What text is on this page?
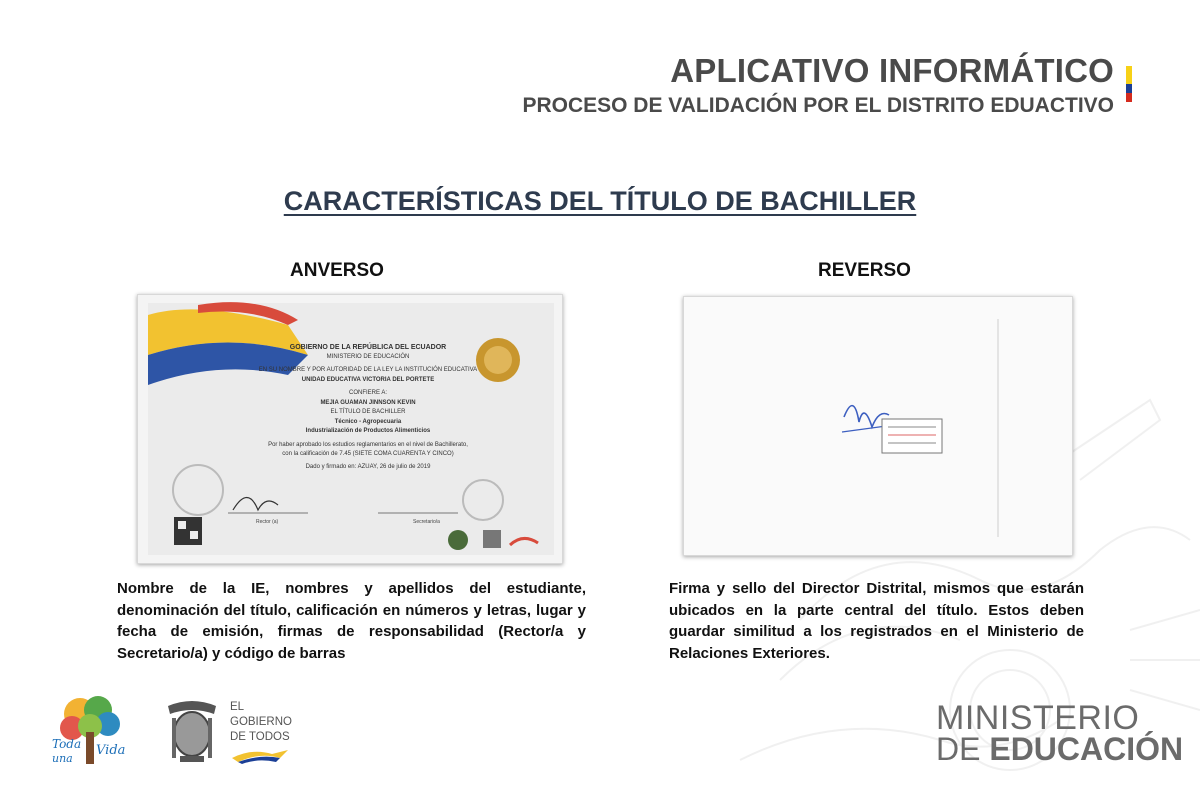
APLICATIVO INFORMÁTICO
PROCESO DE VALIDACIÓN POR EL DISTRITO EDUACTIVO
CARACTERÍSTICAS DEL TÍTULO DE BACHILLER
ANVERSO	REVERSO
GOBIERNO DE LA REPÚBLICA DEL ECUADOR
MINISTERIO DE EDUCACIÓN
EN SU NOMBRE Y POR AUTORIDAD DE LA LEY LA INSTITUCIÓN EDUCATIVA
UNIDAD EDUCATIVA VICTORIA DEL PORTETE
CONFIERE A:
MEJIA GUAMAN JINNSON KEVIN
EL TÍTULO DE BACHILLER
Técnico - Agropecuaria
Industrialización de Productos Alimenticios
Por haber aprobado los estudios reglamentarios en el nivel de Bachillerato,
con la calificación de 7.45 (SIETE COMA CUARENTA Y CINCO)
Dado y firmado en: AZUAY, 26 de julio de 2019
Rector (a)	Secretario/a
Nombre de la IE, nombres y apellidos del estudiante, denominación del título, calificación en números y letras, lugar y fecha de emisión, firmas de responsabilidad (Rector/a y Secretario/a) y código de barras
Firma y sello del Director Distrital, mismos que estarán ubicados en la parte central del título. Estos deben guardar similitud a los registrados en el Ministerio de Relaciones Exteriores.
Toda
una
Vida
EL
GOBIERNO
DE TODOS	MINISTERIO
DE EDUCACIÓN
